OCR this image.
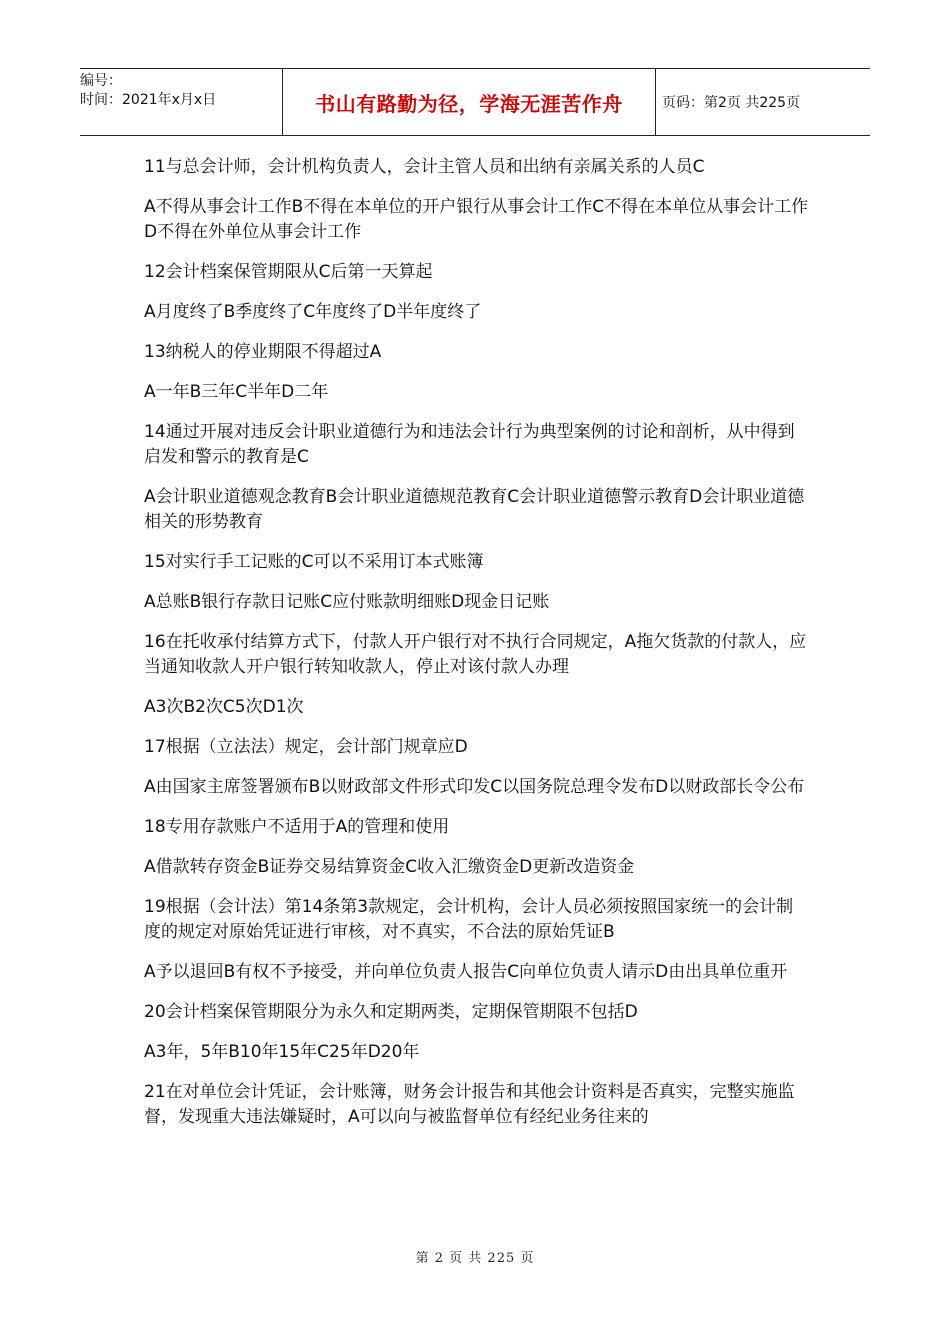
编号：
时间：2021年x月x日	书山有路勤为径，学海无涯苦作舟	页码：第2页 共225页

11与总会计师，会计机构负责人，会计主管人员和出纳有亲属关系的人员C

A不得从事会计工作B不得在本单位的开户银行从事会计工作C不得在本单位从事会计工作D不得在外单位从事会计工作

12会计档案保管期限从C后第一天算起

A月度终了B季度终了C年度终了D半年度终了

13纳税人的停业期限不得超过A

A一年B三年C半年D二年

14通过开展对违反会计职业道德行为和违法会计行为典型案例的讨论和剖析，从中得到启发和警示的教育是C

A会计职业道德观念教育B会计职业道德规范教育C会计职业道德警示教育D会计职业道德相关的形势教育

15对实行手工记账的C可以不采用订本式账簿

A总账B银行存款日记账C应付账款明细账D现金日记账

16在托收承付结算方式下，付款人开户银行对不执行合同规定，A拖欠货款的付款人，应当通知收款人开户银行转知收款人，停止对该付款人办理

A3次B2次C5次D1次

17根据（立法法）规定，会计部门规章应D

A由国家主席签署颁布B以财政部文件形式印发C以国务院总理令发布D以财政部长令公布

18专用存款账户不适用于A的管理和使用

A借款转存资金B证券交易结算资金C收入汇缴资金D更新改造资金

19根据（会计法）第14条第3款规定，会计机构，会计人员必须按照国家统一的会计制度的规定对原始凭证进行审核，对不真实，不合法的原始凭证B

A予以退回B有权不予接受，并向单位负责人报告C向单位负责人请示D由出具单位重开

20会计档案保管期限分为永久和定期两类，定期保管期限不包括D

A3年，5年B10年15年C25年D20年

21在对单位会计凭证，会计账簿，财务会计报告和其他会计资料是否真实，完整实施监督，发现重大违法嫌疑时，A可以向与被监督单位有经纪业务往来的

第 2 页 共 225 页
